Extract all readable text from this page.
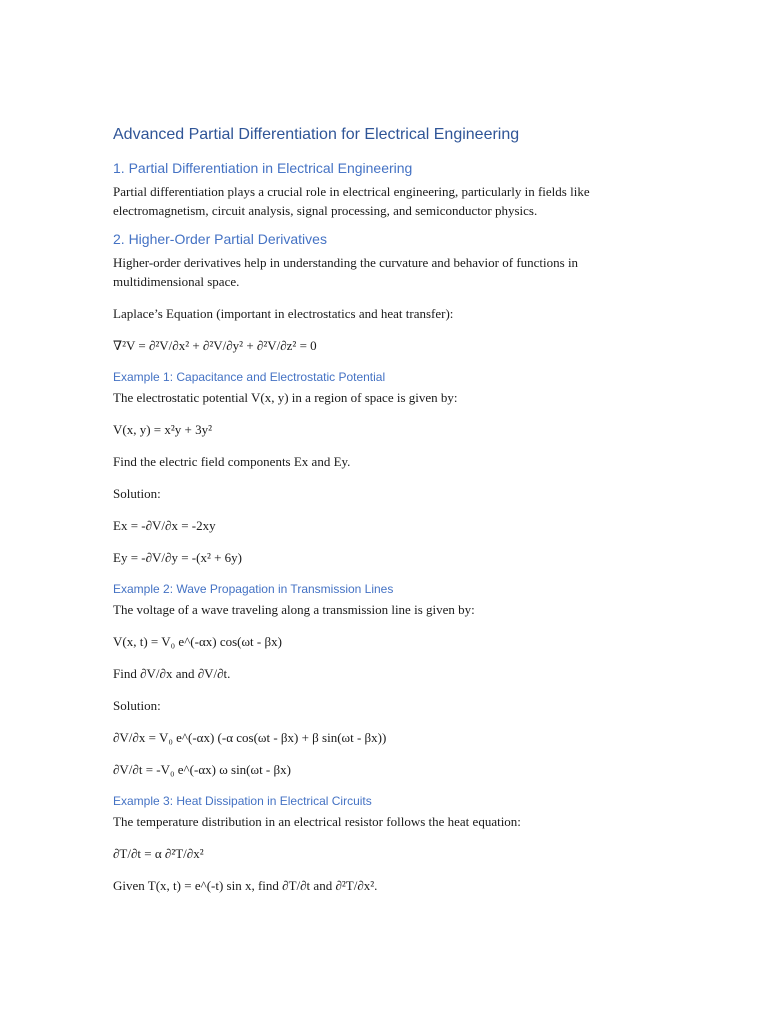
Advanced Partial Differentiation for Electrical Engineering
1. Partial Differentiation in Electrical Engineering
Partial differentiation plays a crucial role in electrical engineering, particularly in fields like electromagnetism, circuit analysis, signal processing, and semiconductor physics.
2. Higher-Order Partial Derivatives
Higher-order derivatives help in understanding the curvature and behavior of functions in multidimensional space.
Laplace’s Equation (important in electrostatics and heat transfer):
∇²V = ∂²V/∂x² + ∂²V/∂y² + ∂²V/∂z² = 0
Example 1: Capacitance and Electrostatic Potential
The electrostatic potential V(x, y) in a region of space is given by:
V(x, y) = x²y + 3y²
Find the electric field components Ex and Ey.
Solution:
Ex = -∂V/∂x = -2xy
Ey = -∂V/∂y = -(x² + 6y)
Example 2: Wave Propagation in Transmission Lines
The voltage of a wave traveling along a transmission line is given by:
V(x, t) = V₀ e^(-αx) cos(ωt - βx)
Find ∂V/∂x and ∂V/∂t.
Solution:
∂V/∂x = V₀ e^(-αx) (-α cos(ωt - βx) + β sin(ωt - βx))
∂V/∂t = -V₀ e^(-αx) ω sin(ωt - βx)
Example 3: Heat Dissipation in Electrical Circuits
The temperature distribution in an electrical resistor follows the heat equation:
∂T/∂t = α ∂²T/∂x²
Given T(x, t) = e^(-t) sin x, find ∂T/∂t and ∂²T/∂x².
